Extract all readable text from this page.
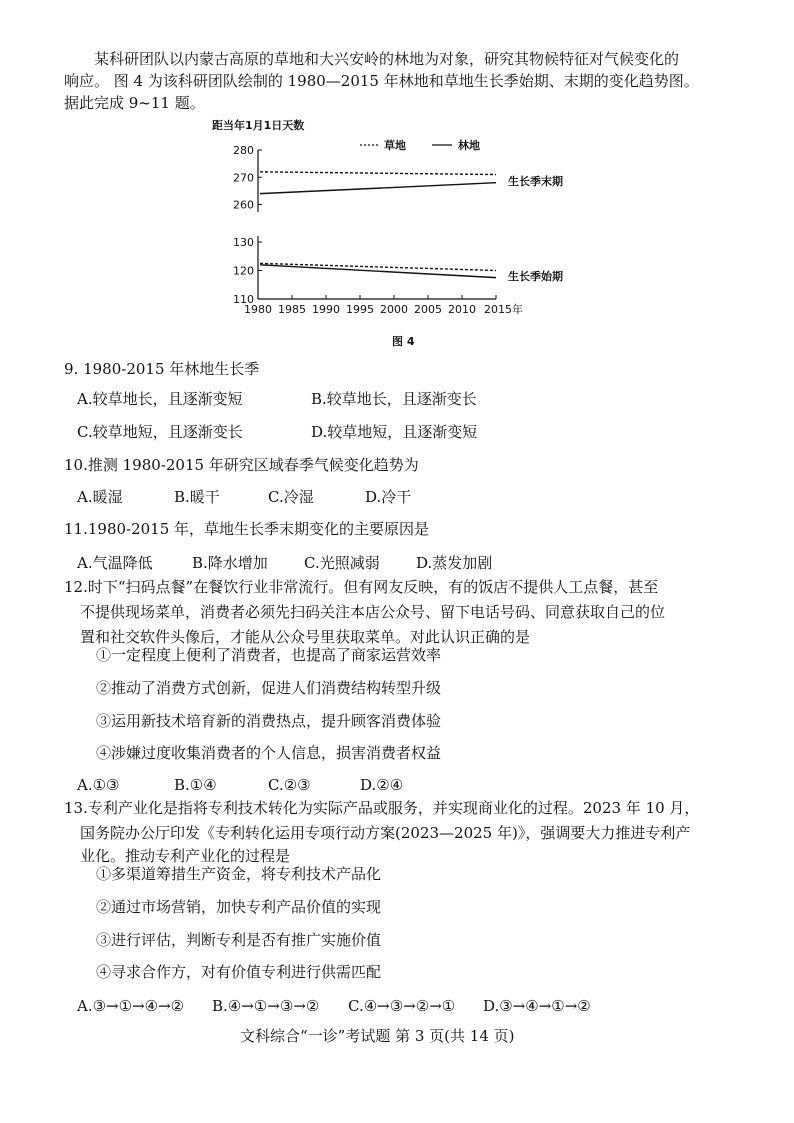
某科研团队以内蒙古高原的草地和大兴安岭的林地为对象，研究其物候特征对气候变化的

响应。 图 4 为该科研团队绘制的 1980—2015 年林地和草地生长季始期、末期的变化趋势图。

据此完成 9~11 题。

距当年1月1日天数
草地	林地
280
270
260
130
120
110
1980 1985 1990 1995 2000 2005 2010 2015年
生长季末期
生长季始期
图 4
9. 1980-2015 年林地生长季
A.较草地长，且逐渐变短	B.较草地长，且逐渐变长
C.较草地短，且逐渐变长	D.较草地短，且逐渐变短
10.推测 1980-2015 年研究区域春季气候变化趋势为
A.暖湿	B.暖干	C.冷湿	D.冷干
11.1980-2015 年，草地生长季末期变化的主要原因是
A.气温降低	B.降水增加 C.光照减弱 D.蒸发加剧
12.时下“扫码点餐”在餐饮行业非常流行。但有网友反映，有的饭店不提供人工点餐，甚至
不提供现场菜单，消费者必须先扫码关注本店公众号、留下电话号码、同意获取自己的位
置和社交软件头像后，才能从公众号里获取菜单。对此认识正确的是
①一定程度上便利了消费者，也提高了商家运营效率
②推动了消费方式创新，促进人们消费结构转型升级
③运用新技术培育新的消费热点，提升顾客消费体验
④涉嫌过度收集消费者的个人信息，损害消费者权益
A.①③	B.①④	C.②③	D.②④
13.专利产业化是指将专利技术转化为实际产品或服务，并实现商业化的过程。2023 年 10 月，
国务院办公厅印发《专利转化运用专项行动方案(2023—2025 年)》，强调要大力推进专利产
业化。推动专利产业化的过程是
①多渠道筹措生产资金，将专利技术产品化
②通过市场营销，加快专利产品价值的实现
③进行评估，判断专利是否有推广实施价值
④寻求合作方，对有价值专利进行供需匹配
A.③→①→④→② B.④→①→③→② C.④→③→②→① D.③→④→①→②
文科综合“一诊”考试题 第 3 页(共 14 页)
